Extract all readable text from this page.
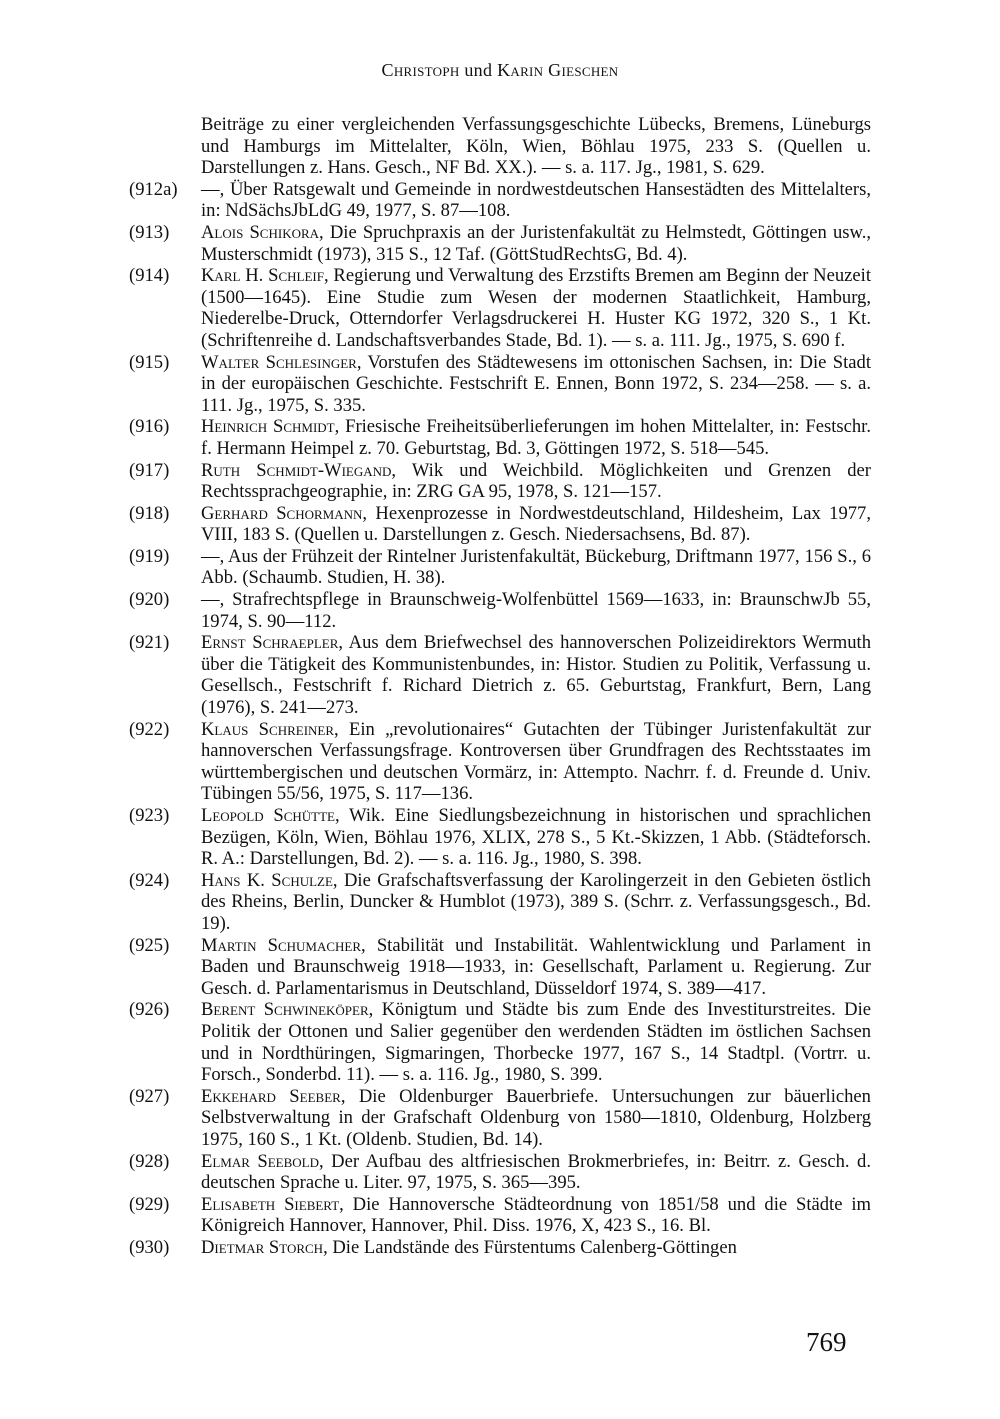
Christoph und Karin Gieschen
Beiträge zu einer vergleichenden Verfassungsgeschichte Lübecks, Bremens, Lüneburgs und Hamburgs im Mittelalter, Köln, Wien, Böhlau 1975, 233 S. (Quellen u. Darstellungen z. Hans. Gesch., NF Bd. XX.). — s. a. 117. Jg., 1981, S. 629.
(912a) —, Über Ratsgewalt und Gemeinde in nordwestdeutschen Hansestädten des Mittelalters, in: NdSächsJbLdG 49, 1977, S. 87—108.
(913) Alois Schikora, Die Spruchpraxis an der Juristenfakultät zu Helmstedt, Göttingen usw., Musterschmidt (1973), 315 S., 12 Taf. (GöttStudRechtsG, Bd. 4).
(914) Karl H. Schleif, Regierung und Verwaltung des Erzstifts Bremen am Beginn der Neuzeit (1500—1645). Eine Studie zum Wesen der modernen Staatlichkeit, Hamburg, Niederelbe-Druck, Otterndorfer Verlagsdruckerei H. Huster KG 1972, 320 S., 1 Kt. (Schriftenreihe d. Landschaftsverbandes Stade, Bd. 1). — s. a. 111. Jg., 1975, S. 690 f.
(915) Walter Schlesinger, Vorstufen des Städtewesens im ottonischen Sachsen, in: Die Stadt in der europäischen Geschichte. Festschrift E. Ennen, Bonn 1972, S. 234—258. — s. a. 111. Jg., 1975, S. 335.
(916) Heinrich Schmidt, Friesische Freiheitsüberlieferungen im hohen Mittelalter, in: Festschr. f. Hermann Heimpel z. 70. Geburtstag, Bd. 3, Göttingen 1972, S. 518—545.
(917) Ruth Schmidt-Wiegand, Wik und Weichbild. Möglichkeiten und Grenzen der Rechtssprachgeographie, in: ZRG GA 95, 1978, S. 121—157.
(918) Gerhard Schormann, Hexenprozesse in Nordwestdeutschland, Hildesheim, Lax 1977, VIII, 183 S. (Quellen u. Darstellungen z. Gesch. Niedersachsens, Bd. 87).
(919) —, Aus der Frühzeit der Rintelner Juristenfakultät, Bückeburg, Driftmann 1977, 156 S., 6 Abb. (Schaumb. Studien, H. 38).
(920) —, Strafrechtspflege in Braunschweig-Wolfenbüttel 1569—1633, in: BraunschwJb 55, 1974, S. 90—112.
(921) Ernst Schraepler, Aus dem Briefwechsel des hannoverschen Polizeidirektors Wermuth über die Tätigkeit des Kommunistenbundes, in: Histor. Studien zu Politik, Verfassung u. Gesellsch., Festschrift f. Richard Dietrich z. 65. Geburtstag, Frankfurt, Bern, Lang (1976), S. 241—273.
(922) Klaus Schreiner, Ein „revolutionaires“ Gutachten der Tübinger Juristenfakultät zur hannoverschen Verfassungsfrage. Kontroversen über Grundfragen des Rechtsstaates im württembergischen und deutschen Vormärz, in: Attempto. Nachrr. f. d. Freunde d. Univ. Tübingen 55/56, 1975, S. 117—136.
(923) Leopold Schütte, Wik. Eine Siedlungsbezeichnung in historischen und sprachlichen Bezügen, Köln, Wien, Böhlau 1976, XLIX, 278 S., 5 Kt.-Skizzen, 1 Abb. (Städteforsch. R. A.: Darstellungen, Bd. 2). — s. a. 116. Jg., 1980, S. 398.
(924) Hans K. Schulze, Die Grafschaftsverfassung der Karolingerzeit in den Gebieten östlich des Rheins, Berlin, Duncker & Humblot (1973), 389 S. (Schrr. z. Verfassungsgesch., Bd. 19).
(925) Martin Schumacher, Stabilität und Instabilität. Wahlentwicklung und Parlament in Baden und Braunschweig 1918—1933, in: Gesellschaft, Parlament u. Regierung. Zur Gesch. d. Parlamentarismus in Deutschland, Düsseldorf 1974, S. 389—417.
(926) Berent Schwineköper, Königtum und Städte bis zum Ende des Investiturstreites. Die Politik der Ottonen und Salier gegenüber den werdenden Städten im östlichen Sachsen und in Nordthüringen, Sigmaringen, Thorbecke 1977, 167 S., 14 Stadtpl. (Vortrr. u. Forsch., Sonderbd. 11). — s. a. 116. Jg., 1980, S. 399.
(927) Ekkehard Seeber, Die Oldenburger Bauerbriefe. Untersuchungen zur bäuerlichen Selbstverwaltung in der Grafschaft Oldenburg von 1580—1810, Oldenburg, Holzberg 1975, 160 S., 1 Kt. (Oldenb. Studien, Bd. 14).
(928) Elmar Seebold, Der Aufbau des altfriesischen Brokmerbriefes, in: Beitrr. z. Gesch. d. deutschen Sprache u. Liter. 97, 1975, S. 365—395.
(929) Elisabeth Siebert, Die Hannoversche Städteordnung von 1851/58 und die Städte im Königreich Hannover, Hannover, Phil. Diss. 1976, X, 423 S., 16. Bl.
(930) Dietmar Storch, Die Landstände des Fürstentums Calenberg-Göttingen
769
